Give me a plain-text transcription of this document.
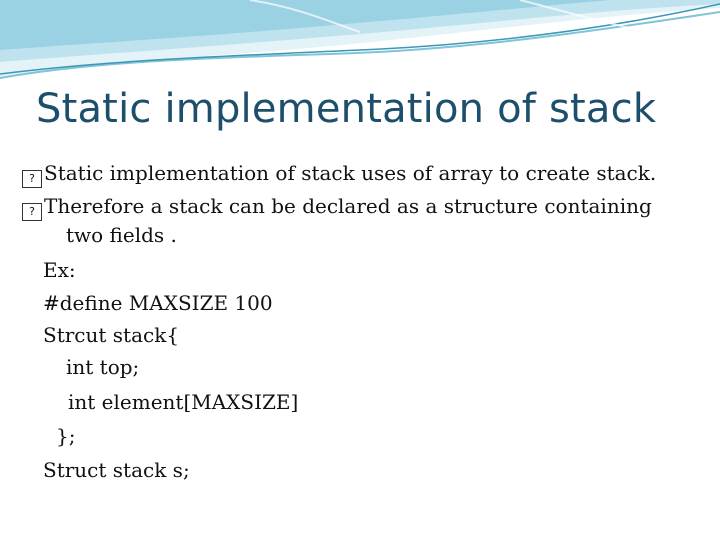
Static implementation of stack
?Static implementation of stack uses of array to create stack.
?Therefore a stack can be declared as a structure containing
two fields .
Ex:
#define MAXSIZE 100
Strcut stack{
int top;
int element[MAXSIZE]
};
Struct stack s;
